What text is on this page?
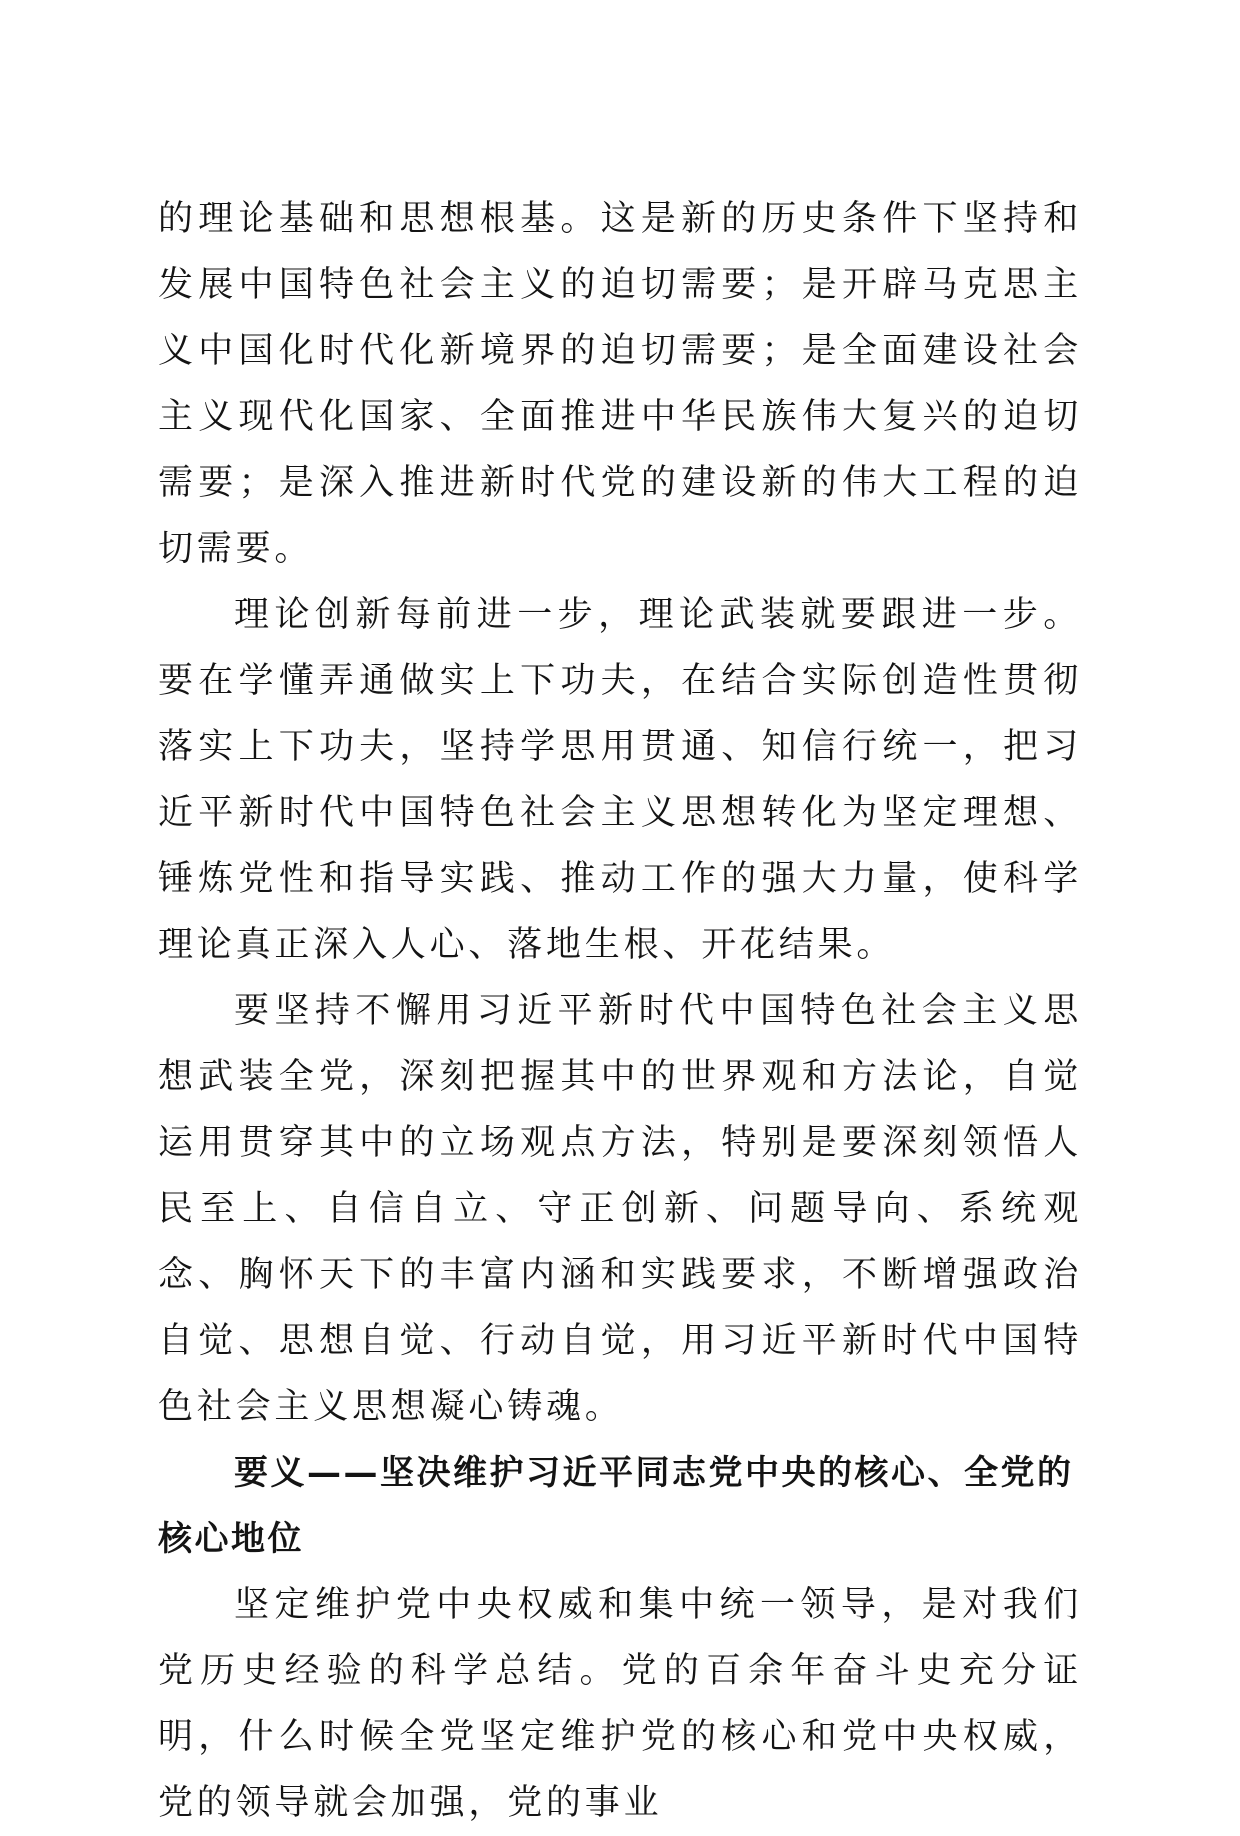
的理论基础和思想根基。这是新的历史条件下坚持和发展中国特色社会主义的迫切需要；是开辟马克思主义中国化时代化新境界的迫切需要；是全面建设社会主义现代化国家、全面推进中华民族伟大复兴的迫切需要；是深入推进新时代党的建设新的伟大工程的迫切需要。

理论创新每前进一步，理论武装就要跟进一步。要在学懂弄通做实上下功夫，在结合实际创造性贯彻落实上下功夫，坚持学思用贯通、知信行统一，把习近平新时代中国特色社会主义思想转化为坚定理想、锤炼党性和指导实践、推动工作的强大力量，使科学理论真正深入人心、落地生根、开花结果。

要坚持不懈用习近平新时代中国特色社会主义思想武装全党，深刻把握其中的世界观和方法论，自觉运用贯穿其中的立场观点方法，特别是要深刻领悟人民至上、自信自立、守正创新、问题导向、系统观念、胸怀天下的丰富内涵和实践要求，不断增强政治自觉、思想自觉、行动自觉，用习近平新时代中国特色社会主义思想凝心铸魂。

要义——坚决维护习近平同志党中央的核心、全党的核心地位

坚定维护党中央权威和集中统一领导，是对我们党历史经验的科学总结。党的百余年奋斗史充分证明，什么时候全党坚定维护党的核心和党中央权威，党的领导就会加强，党的事业
